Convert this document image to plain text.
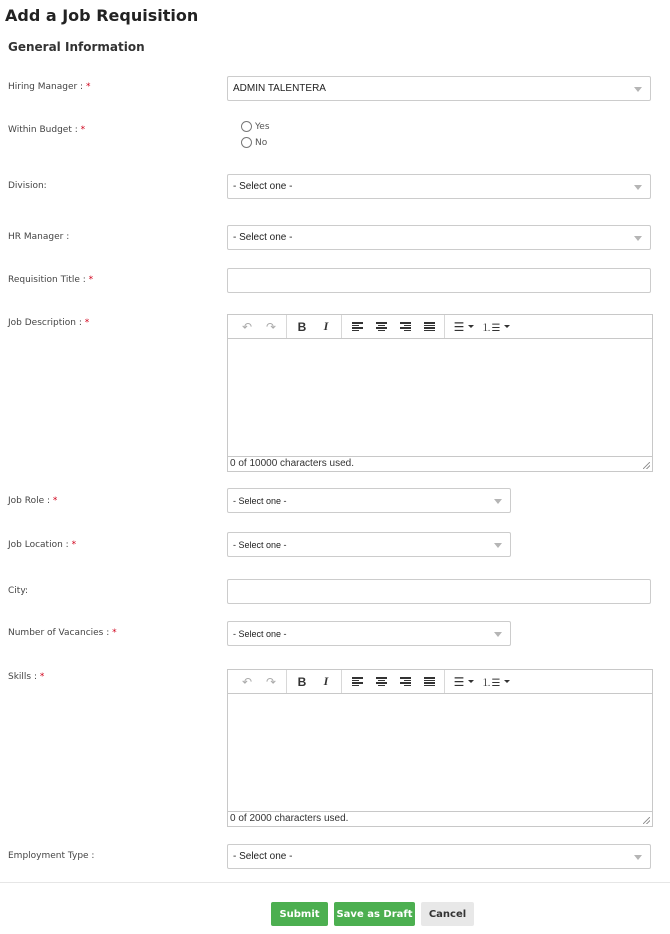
Add a Job Requisition
General Information
Hiring Manager : *	ADMIN TALENTERA
Within Budget : *	Yes
No
Division:	- Select one -
HR Manager :	- Select one -
Requisition Title : *
Job Description : *	↶	↷	B	I	☰ ⒈☰
0 of 10000 characters used.
Job Role : *	- Select one -
Job Location : *	- Select one -
City:
Number of Vacancies : *	- Select one -
Skills : *	↶	↷	B	I	☰ ⒈☰
0 of 2000 characters used.
Employment Type :	- Select one -
Submit	Save as Draft	Cancel
